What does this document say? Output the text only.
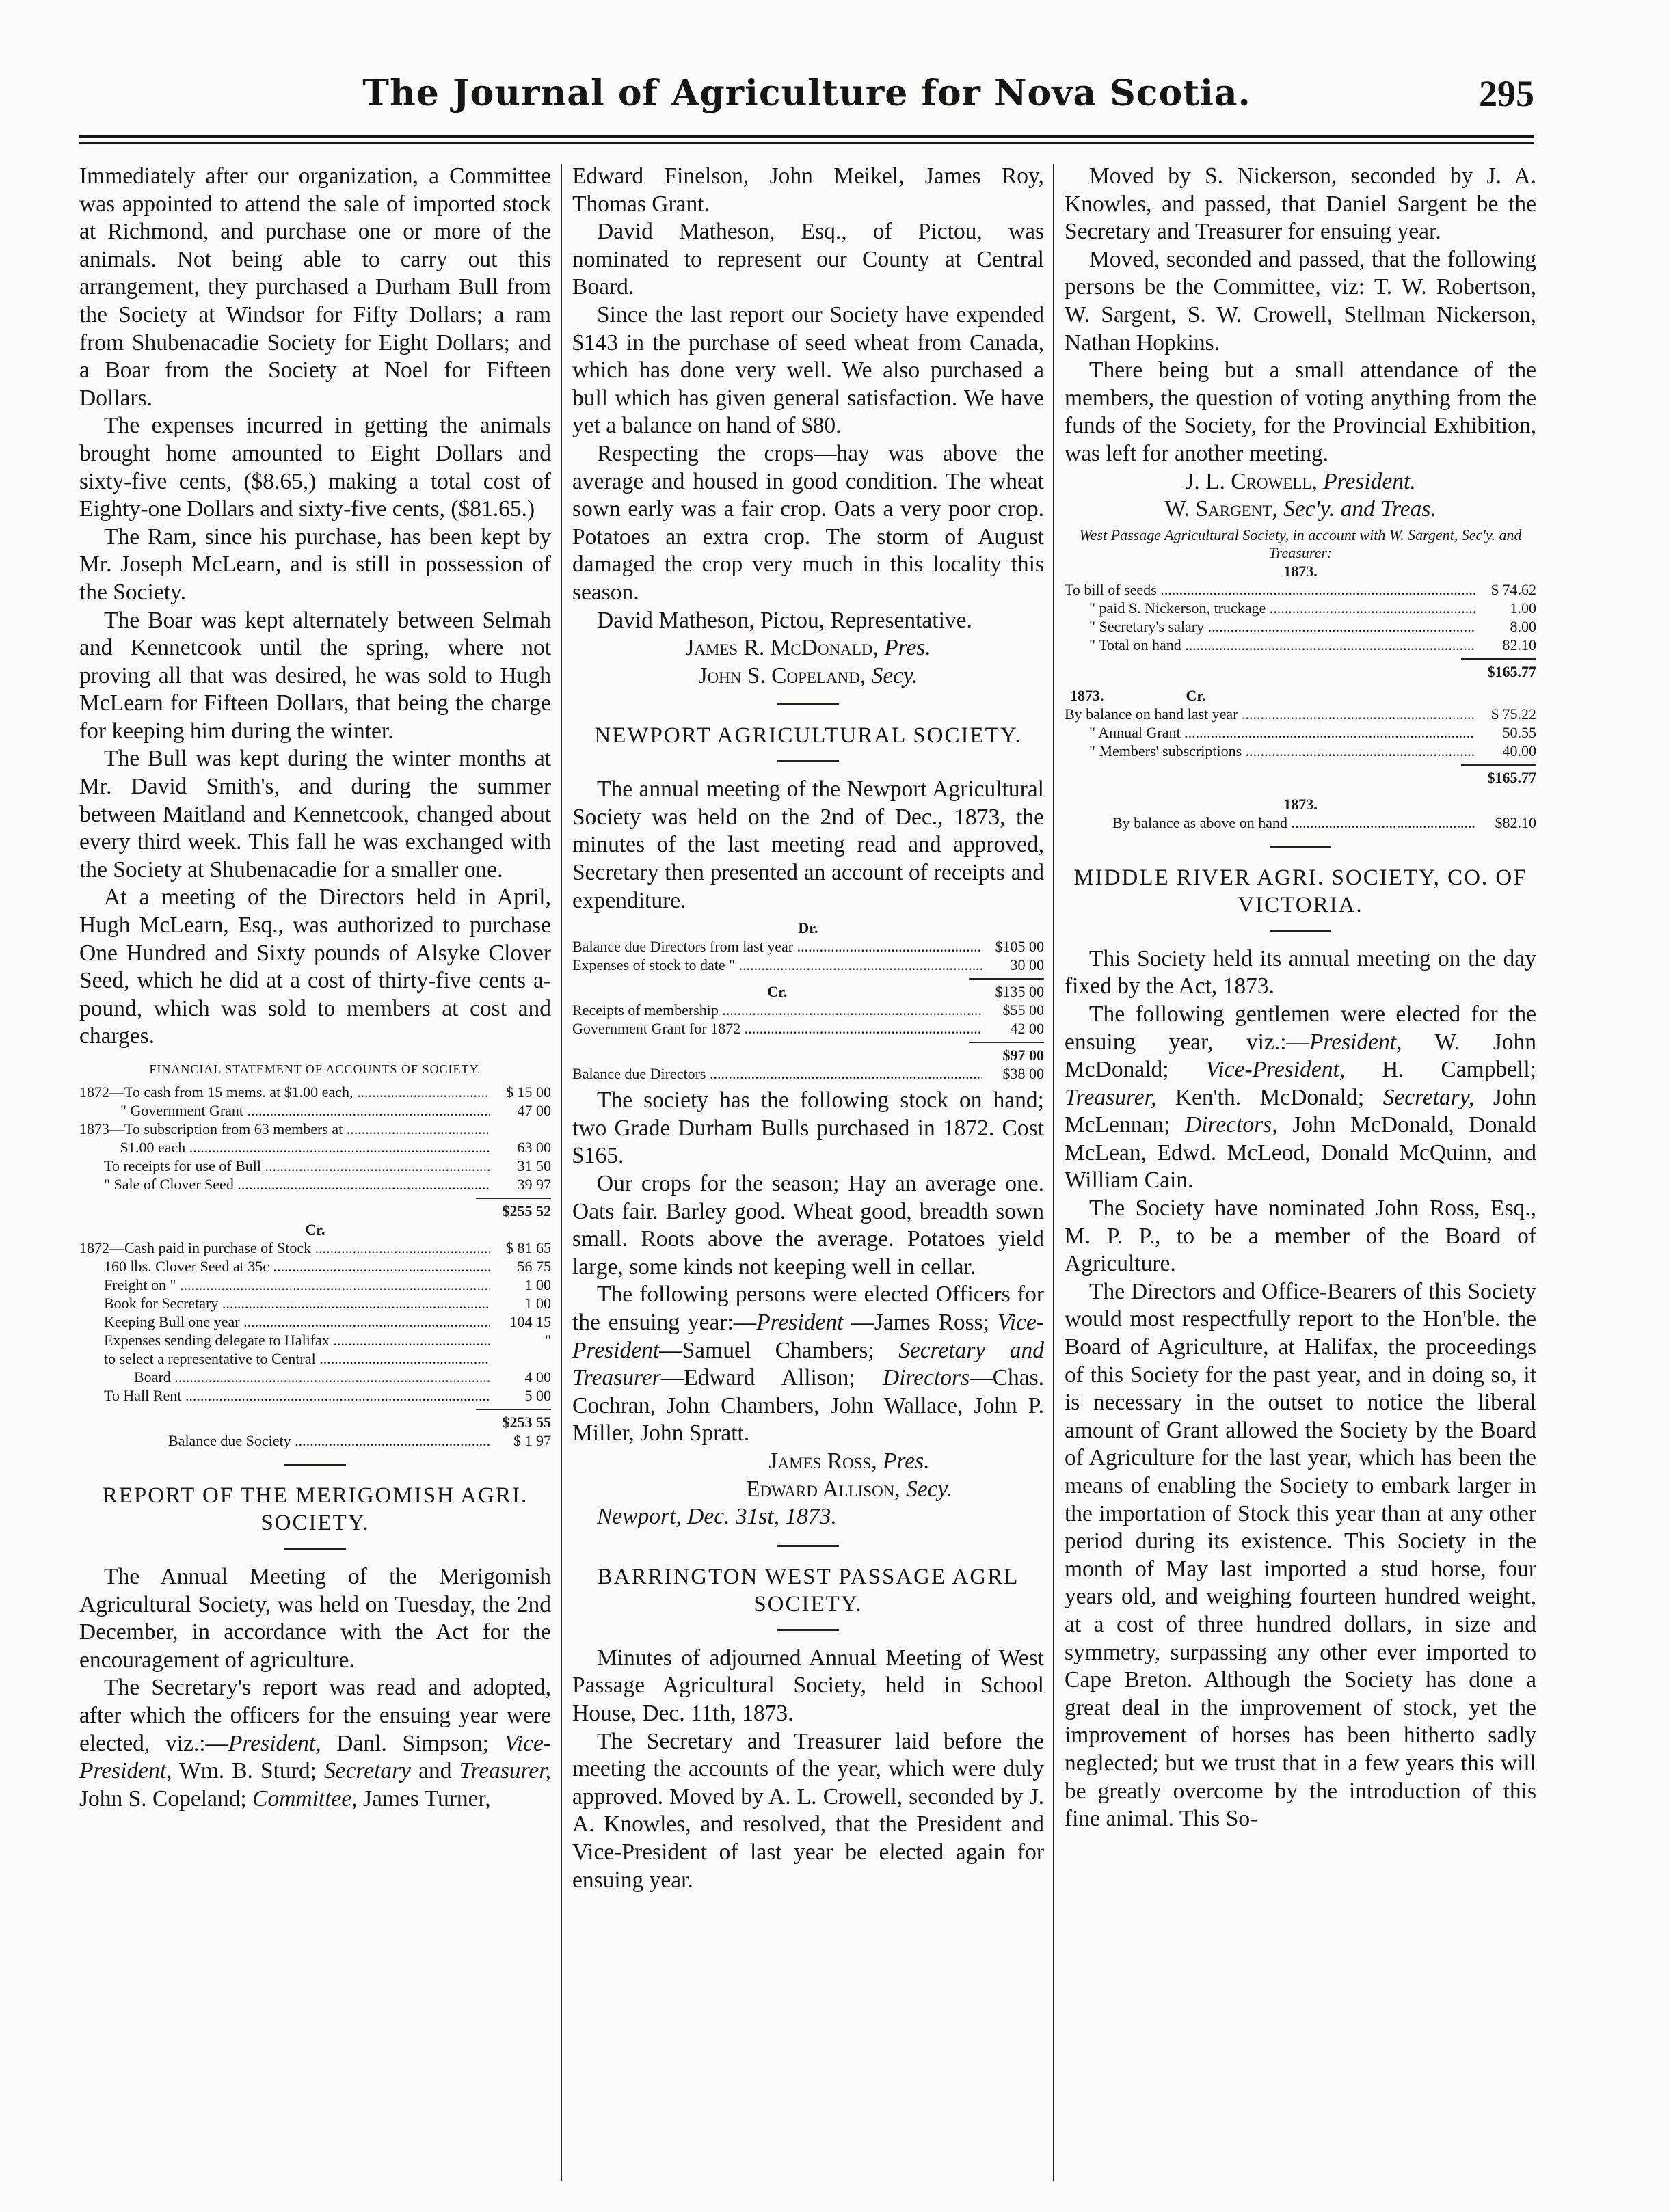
The Journal of Agriculture for Nova Scotia.	295

Immediately after our organization, a Committee was appointed to attend the sale of imported stock at Richmond, and purchase one or more of the animals. Not being able to carry out this arrangement, they purchased a Durham Bull from the Society at Windsor for Fifty Dollars; a ram from Shubenacadie Society for Eight Dollars; and a Boar from the Society at Noel for Fifteen Dollars.

The expenses incurred in getting the animals brought home amounted to Eight Dollars and sixty-five cents, ($8.65,) making a total cost of Eighty-one Dollars and sixty-five cents, ($81.65.)

The Ram, since his purchase, has been kept by Mr. Joseph McLearn, and is still in possession of the Society.

The Boar was kept alternately between Selmah and Kennetcook until the spring, where not proving all that was desired, he was sold to Hugh McLearn for Fifteen Dollars, that being the charge for keeping him during the winter.

The Bull was kept during the winter months at Mr. David Smith's, and during the summer between Maitland and Kennetcook, changed about every third week. This fall he was exchanged with the Society at Shubenacadie for a smaller one.

At a meeting of the Directors held in April, Hugh McLearn, Esq., was authorized to purchase One Hundred and Sixty pounds of Alsyke Clover Seed, which he did at a cost of thirty-five cents a-pound, which was sold to members at cost and charges.

FINANCIAL STATEMENT OF ACCOUNTS OF SOCIETY.
1872—To cash from 15 mems. at $1.00 each, .....	$ 15 00
" Government Grant .....	47 00
1873—To subscription from 63 members at .....
$1.00 each .....	63 00
To receipts for use of Bull .....	31 50
" Sale of Clover Seed .....	39 97
$255 52
Cr.
1872—Cash paid in purchase of Stock .....	$ 81 65
160 lbs. Clover Seed at 35c .....	56 75
Freight on " .....	1 00
Book for Secretary .....	1 00
Keeping Bull one year .....	104 15
Expenses sending delegate to Halifax .....	"
to select a representative to Central .....
Board .....	4 00
To Hall Rent .....	5 00
$253 55
Balance due Society .....	$ 1 97
REPORT OF THE MERIGOMISH AGRI. SOCIETY.

The Annual Meeting of the Merigomish Agricultural Society, was held on Tuesday, the 2nd December, in accordance with the Act for the encouragement of agriculture.

The Secretary's report was read and adopted, after which the officers for the ensuing year were elected, viz.:—President, Danl. Simpson; Vice-President, Wm. B. Sturd; Secretary and Treasurer, John S. Copeland; Committee, James Turner,

Edward Finelson, John Meikel, James Roy, Thomas Grant.

David Matheson, Esq., of Pictou, was nominated to represent our County at Central Board.

Since the last report our Society have expended $143 in the purchase of seed wheat from Canada, which has done very well. We also purchased a bull which has given general satisfaction. We have yet a balance on hand of $80.

Respecting the crops—hay was above the average and housed in good condition. The wheat sown early was a fair crop. Oats a very poor crop. Potatoes an extra crop. The storm of August damaged the crop very much in this locality this season.

David Matheson, Pictou, Representative.

James R. McDonald, Pres.
John S. Copeland, Secy.
NEWPORT AGRICULTURAL SOCIETY.

The annual meeting of the Newport Agricultural Society was held on the 2nd of Dec., 1873, the minutes of the last meeting read and approved, Secretary then presented an account of receipts and expenditure.

Dr.
Balance due Directors from last year .....	$105 00
Expenses of stock to date " .....	30 00
Cr.	$135 00
Receipts of membership .....	$55 00
Government Grant for 1872 .....	42 00
$97 00
Balance due Directors .....	$38 00

The society has the following stock on hand; two Grade Durham Bulls purchased in 1872. Cost $165.

Our crops for the season; Hay an average one. Oats fair. Barley good. Wheat good, breadth sown small. Roots above the average. Potatoes yield large, some kinds not keeping well in cellar.

The following persons were elected Officers for the ensuing year:—President —James Ross; Vice-President—Samuel Chambers; Secretary and Treasurer—Edward Allison; Directors—Chas. Cochran, John Chambers, John Wallace, John P. Miller, John Spratt.

James Ross, Pres.
Edward Allison, Secy.

Newport, Dec. 31st, 1873.

BARRINGTON WEST PASSAGE AGRL SOCIETY.

Minutes of adjourned Annual Meeting of West Passage Agricultural Society, held in School House, Dec. 11th, 1873.

The Secretary and Treasurer laid before the meeting the accounts of the year, which were duly approved. Moved by A. L. Crowell, seconded by J. A. Knowles, and resolved, that the President and Vice-President of last year be elected again for ensuing year.

Moved by S. Nickerson, seconded by J. A. Knowles, and passed, that Daniel Sargent be the Secretary and Treasurer for ensuing year.

Moved, seconded and passed, that the following persons be the Committee, viz: T. W. Robertson, W. Sargent, S. W. Crowell, Stellman Nickerson, Nathan Hopkins.

There being but a small attendance of the members, the question of voting anything from the funds of the Society, for the Provincial Exhibition, was left for another meeting.

J. L. Crowell, President.
W. Sargent, Sec'y. and Treas.
West Passage Agricultural Society, in account with W. Sargent, Sec'y. and Treasurer:
1873.
To bill of seeds .....	$ 74.62
" paid S. Nickerson, truckage .....	1.00
" Secretary's salary .....	8.00
" Total on hand .....	82.10
$165.77
1873.	Cr.
By balance on hand last year .....	$ 75.22
" Annual Grant .....	50.55
" Members' subscriptions .....	40.00
$165.77
1873.
By balance as above on hand .....	$82.10
MIDDLE RIVER AGRI. SOCIETY, CO. OF VICTORIA.

This Society held its annual meeting on the day fixed by the Act, 1873.

The following gentlemen were elected for the ensuing year, viz.:—President, W. John McDonald; Vice-President, H. Campbell; Treasurer, Ken'th. McDonald; Secretary, John McLennan; Directors, John McDonald, Donald McLean, Edwd. McLeod, Donald McQuinn, and William Cain.

The Society have nominated John Ross, Esq., M. P. P., to be a member of the Board of Agriculture.

The Directors and Office-Bearers of this Society would most respectfully report to the Hon'ble. the Board of Agriculture, at Halifax, the proceedings of this Society for the past year, and in doing so, it is necessary in the outset to notice the liberal amount of Grant allowed the Society by the Board of Agriculture for the last year, which has been the means of enabling the Society to embark larger in the importation of Stock this year than at any other period during its existence. This Society in the month of May last imported a stud horse, four years old, and weighing fourteen hundred weight, at a cost of three hundred dollars, in size and symmetry, surpassing any other ever imported to Cape Breton. Although the Society has done a great deal in the improvement of stock, yet the improvement of horses has been hitherto sadly neglected; but we trust that in a few years this will be greatly overcome by the introduction of this fine animal. This So-
